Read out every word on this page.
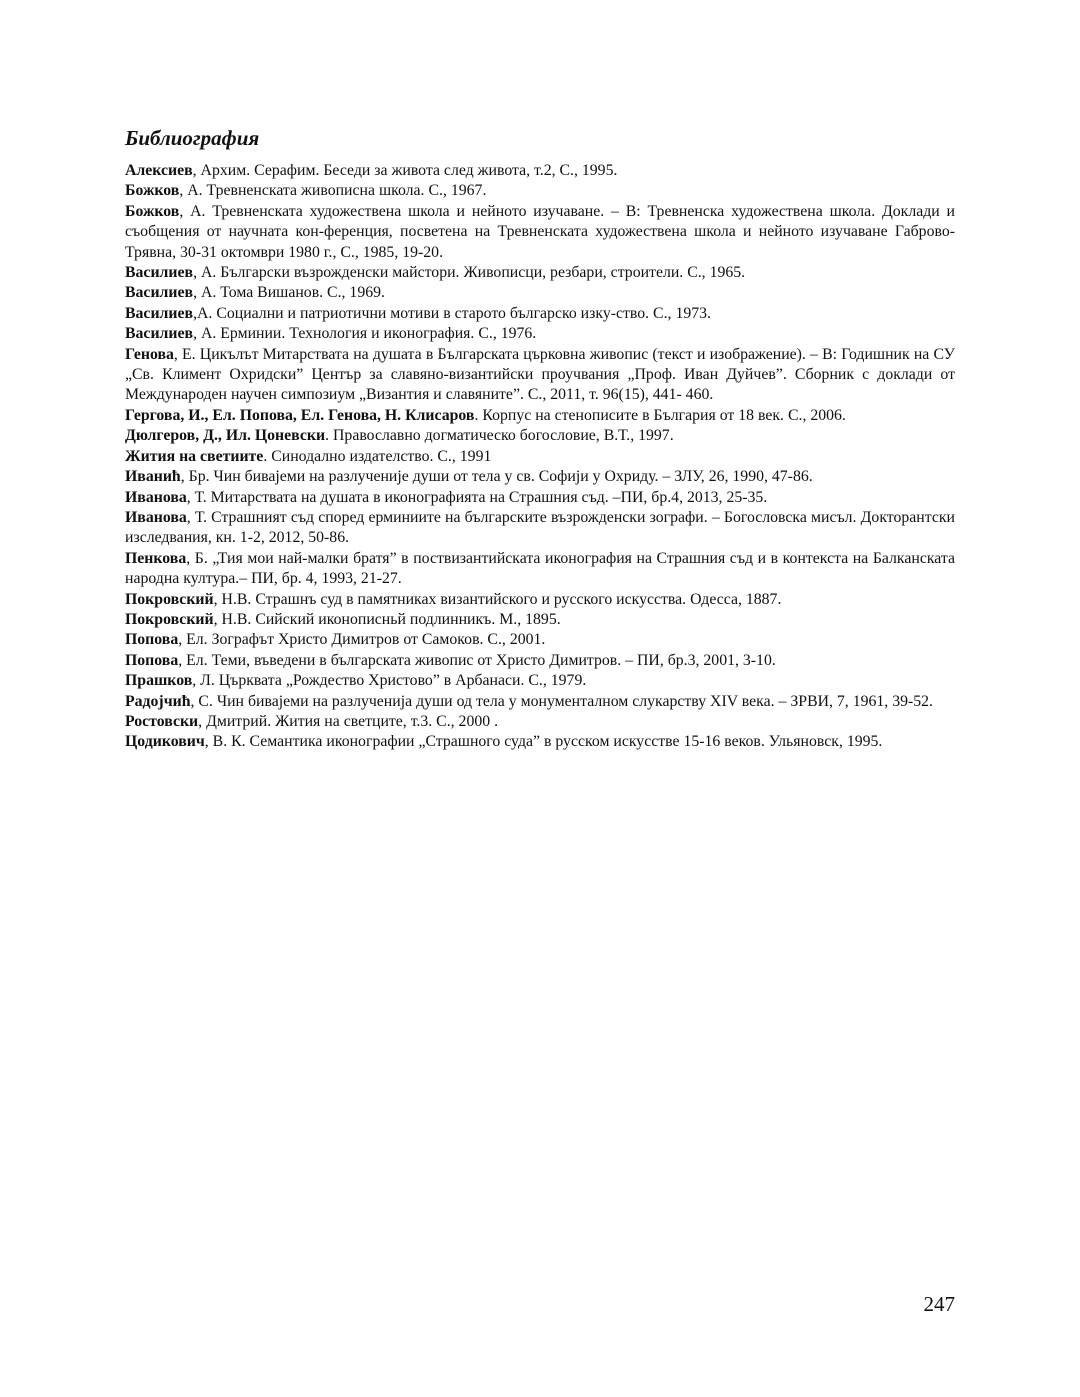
Библиография
Алексиев, Архим. Серафим. Беседи за живота след живота, т.2, С., 1995.
Божков, А. Тревненската живописна школа. С., 1967.
Божков, А. Тревненската художествена школа и нейното изучаване. – В: Тревненска художествена школа. Доклади и съобщения от научната кон-ференция, посветена на Тревненската художествена школа и нейното изучаване Габрово-Трявна, 30-31 октомври 1980 г., С., 1985, 19-20.
Василиев, А. Български възрожденски майстори. Живописци, резбари, строители. С., 1965.
Василиев, А. Тома Вишанов. С., 1969.
Василиев,А. Социални и патриотични мотиви в старото българско изку-ство. С., 1973.
Василиев, А. Ерминии. Технология и иконография. С., 1976.
Генова, Е. Цикълът Митарствата на душата в Българската църковна живопис (текст и изображение). – В: Годишник на СУ „Св. Климент Охридски” Център за славяно-византийски проучвания „Проф. Иван Дуйчев”. Сборник с доклади от Международен научен симпозиум „Византия и славяните”. С., 2011, т. 96(15), 441- 460.
Гергова, И., Ел. Попова, Ел. Генова, Н. Клисаров. Корпус на стенописите в България от 18 век. С., 2006.
Дюлгеров, Д., Ил. Цоневски. Православно догматическо богословие, В.Т., 1997.
Жития на светиите. Синодално издателство. С., 1991
Иванић, Бр. Чин биваjеми на разлучениjе души от тела у св. Софиjи у Охриду. – ЗЛУ, 26, 1990, 47-86.
Иванова, Т. Митарствата на душата в иконографията на Страшния съд. –ПИ, бр.4, 2013, 25-35.
Иванова, Т. Страшният съд според ерминиите на българските възрожденски зографи. – Богословска мисъл. Докторантски изследвания, кн. 1-2, 2012, 50-86.
Пенкова, Б. „Тия мои най-малки братя” в поствизантийската иконография на Страшния съд и в контекста на Балканската народна култура.– ПИ, бр. 4, 1993, 21-27.
Покровский, Н.В. Страшнъ суд в памятниках византийского и русского искусства. Одесса, 1887.
Покровский, Н.В. Сийский иконописньй подлинникъ. М., 1895.
Попова, Ел. Зографът Христо Димитров от Самоков. С., 2001.
Попова, Ел. Теми, въведени в българската живопис от Христо Димитров. – ПИ, бр.3, 2001, 3-10.
Прашков, Л. Църквата „Рождество Христово” в Арбанаси. С., 1979.
Радоjчић, С. Чин биваjеми на разлучениjа души од тела у монументалном слукарству XIV века. – ЗРВИ, 7, 1961, 39-52.
Ростовски, Дмитрий. Жития на светците, т.3. С., 2000 .
Цодикович, В. К. Семантика иконографии „Страшного суда” в русском искусстве 15-16 веков. Ульяновск, 1995.
247
